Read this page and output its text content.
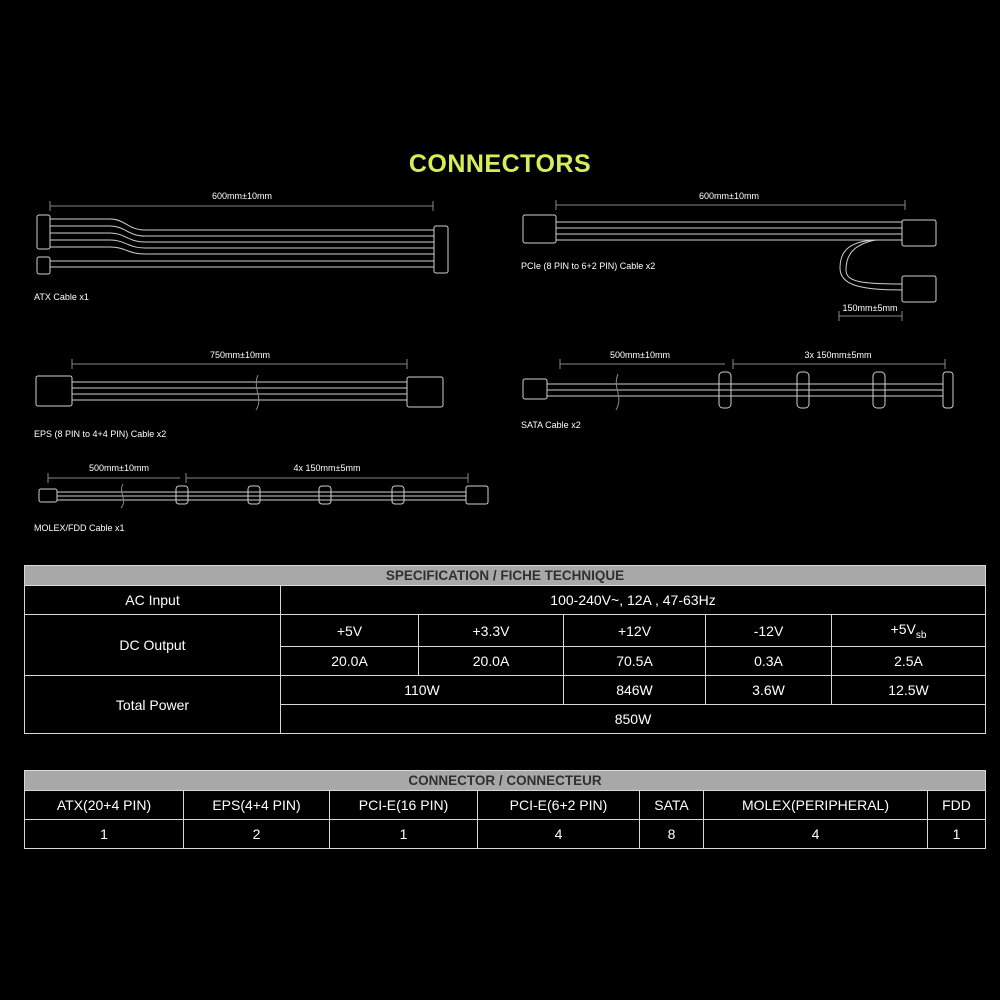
CONNECTORS
600mm±10mm
ATX Cable x1
600mm±10mm
PCIe (8 PIN to 6+2 PIN) Cable x2
150mm±5mm
750mm±10mm
EPS (8 PIN to 4+4 PIN) Cable x2
500mm±10mm	3x 150mm±5mm
SATA Cable x2
500mm±10mm	4x 150mm±5mm
MOLEX/FDD Cable x1
SPECIFICATION / FICHE TECHNIQUE					
AC Input	100-240V~, 12A , 47-63Hz				
DC Output	+5V	+3.3V	+12V	-12V	$+5V_{sb}$
	20.0A	20.0A	70.5A	0.3A	2.5A
Total Power	110W		846W	3.6W	12.5W
	850W				
CONNECTOR / CONNECTEUR						
ATX(20+4 PIN)	EPS(4+4 PIN)	PCI-E(16 PIN)	PCI-E(6+2 PIN)	SATA	MOLEX(PERIPHERAL)	FDD
1	2	1	4	8	4	1
